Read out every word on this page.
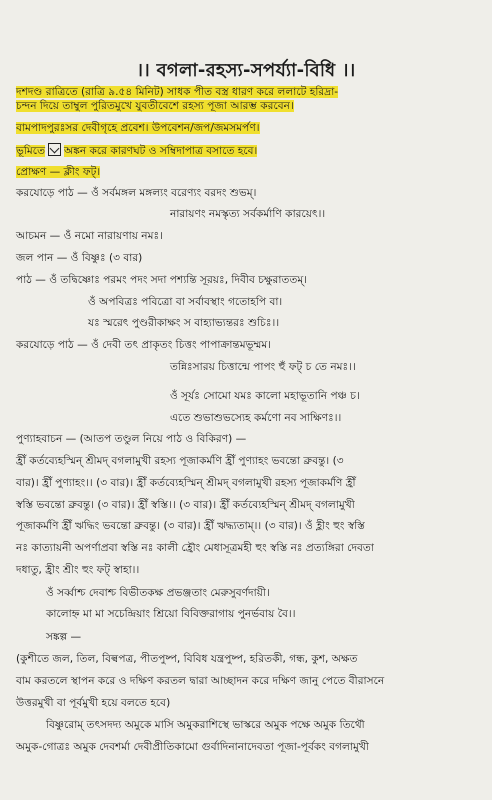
।। বগলা-রহস্য-সপর্য্যা-বিধি ।।
দশদণ্ড রাত্রিতে (রাত্রি ৯.৫৪ মিনিট) সাধক পীত বস্ত্র ধারণ করে ললাটে হরিদ্রা-
চন্দন দিয়ে তাম্বুল পুরিতমুখে যুবতীবেশে রহস্য পূজা আরম্ভ করবেন।
বামপাদপুরঃসর দেবীগৃহে প্রবেশ। উপবেশন/জপ/জমসমর্পণ।
ভূমিতে অঙ্কন করে কারণঘট ও সম্বিদাপাত্র বসাতে হবে।
প্রোক্ষণ — ক্লীং ফট্।
করযোড়ে পাঠ — ওঁ সর্বমঙ্গল মঙ্গল্যং বরেণ্যং বরদং শুভম্।
নারায়ণং নমস্কৃত্য সর্বকর্মাণি কারয়েৎ।।
আচমন — ওঁ নমো নারায়ণায় নমঃ।
জল পান — ওঁ বিষ্ণুঃ (৩ বার)
পাঠ — ওঁ তদ্বিষ্ণোঃ পরমং পদং সদা পশ্যন্তি সূরয়ঃ, দিবীব চক্ষুরাততম্।
ওঁ অপবিত্রঃ পবিত্রো বা সর্বাবস্থাং গতোহপি বা।
যঃ স্মরেৎ পুণ্ডরীকাক্ষং স বাহ্যাভ্যন্তরঃ শুচিঃ।।
করযোড়ে পাঠ — ওঁ দেবী তৎ প্রাকৃতং চিত্তং পাপাক্রান্তমভূম্মম।
তন্নিঃসারয় চিত্তান্মে পাপং হুঁ ফট্ চ তে নমঃ।।
ওঁ সূর্যঃ সোমো যমঃ কালো মহাভূতানি পঞ্চ চ।
এতে শুভাশুভস্যেহ কর্মণো নব সাক্ষিণঃ।।
পুণ্যাহবাচন — (আতপ তণ্ডুল নিয়ে পাঠ ও বিকিরণ) —
হ্রীঁ কর্তব্যেহস্মিন্ শ্রীমদ্ বগলামুখী রহস্য পূজাকর্মণি হ্রীঁ পুণ্যাহং ভবন্তো ব্রুবন্তু। (৩
বার)। হ্রীঁ পুণ্যাহং।। (৩ বার)। হ্রীঁ কর্তব্যেহস্মিন্ শ্রীমদ্ বগলামুখী রহস্য পূজাকর্মণি হ্রীঁ
স্বস্তি ভবন্তো ব্রুবন্তু। (৩ বার)। হ্রীঁ স্বস্তি।। (৩ বার)। হ্রীঁ কর্তব্যেহস্মিন্ শ্রীমদ্ বগলামুখী
পূজাকর্মণি হ্রীঁ ঋদ্ধিং ভবন্তো ব্রুবন্তু। (৩ বার)। হ্রীঁ ঋদ্ধ্যতাম্।। (৩ বার)। ওঁ হ্লীং হুং স্বস্তি
নঃ কাত্যায়নী অপর্ণাপ্রবা স্বস্তি নঃ কালী হ্রৌং মেধাসূত্রমহী হুং স্বস্তি নঃ প্রত্যঙ্গিরা দেবতা
দধাতু, হ্রীং শ্রীং হুং ফট্ স্বাহা।।
ওঁ সর্ব্বাশ্চ দেবাশ্চ বিভীতকক্ষ প্রভঞ্জতাং মেরুসুবর্ণদায়ী।
কালোহ্ন মা মা সচেন্দ্রিয়াং শ্রিয়ো বিবিক্তরাগায় পুনর্ভবায় বৈ।।
সঙ্কল্প —
(কুশীতে জল, তিল, বিল্বপত্র, পীতপুষ্প, বিবিধ যন্ত্রপুষ্প, হরিতকী, গন্ধ, কুশ, অক্ষত
বাম করতলে স্থাপন করে ও দক্ষিণ করতল দ্বারা আচ্ছাদন করে দক্ষিণ জানু পেতে বীরাসনে
উত্তরমুখী বা পূর্বমুখী হয়ে বলতে হবে)
বিষ্ণুরোম্ তৎসদদ্য অমুকে মাসি অমুকরাশিস্থে ভাস্করে অমুক পক্ষে অমুক তিথৌ
অমুক-গোত্রঃ অমুক দেবশর্মা দেবীপ্রীতিকামো গুর্বাদিনানাদেবতা পূজা-পূর্বকং বগলামুখী
